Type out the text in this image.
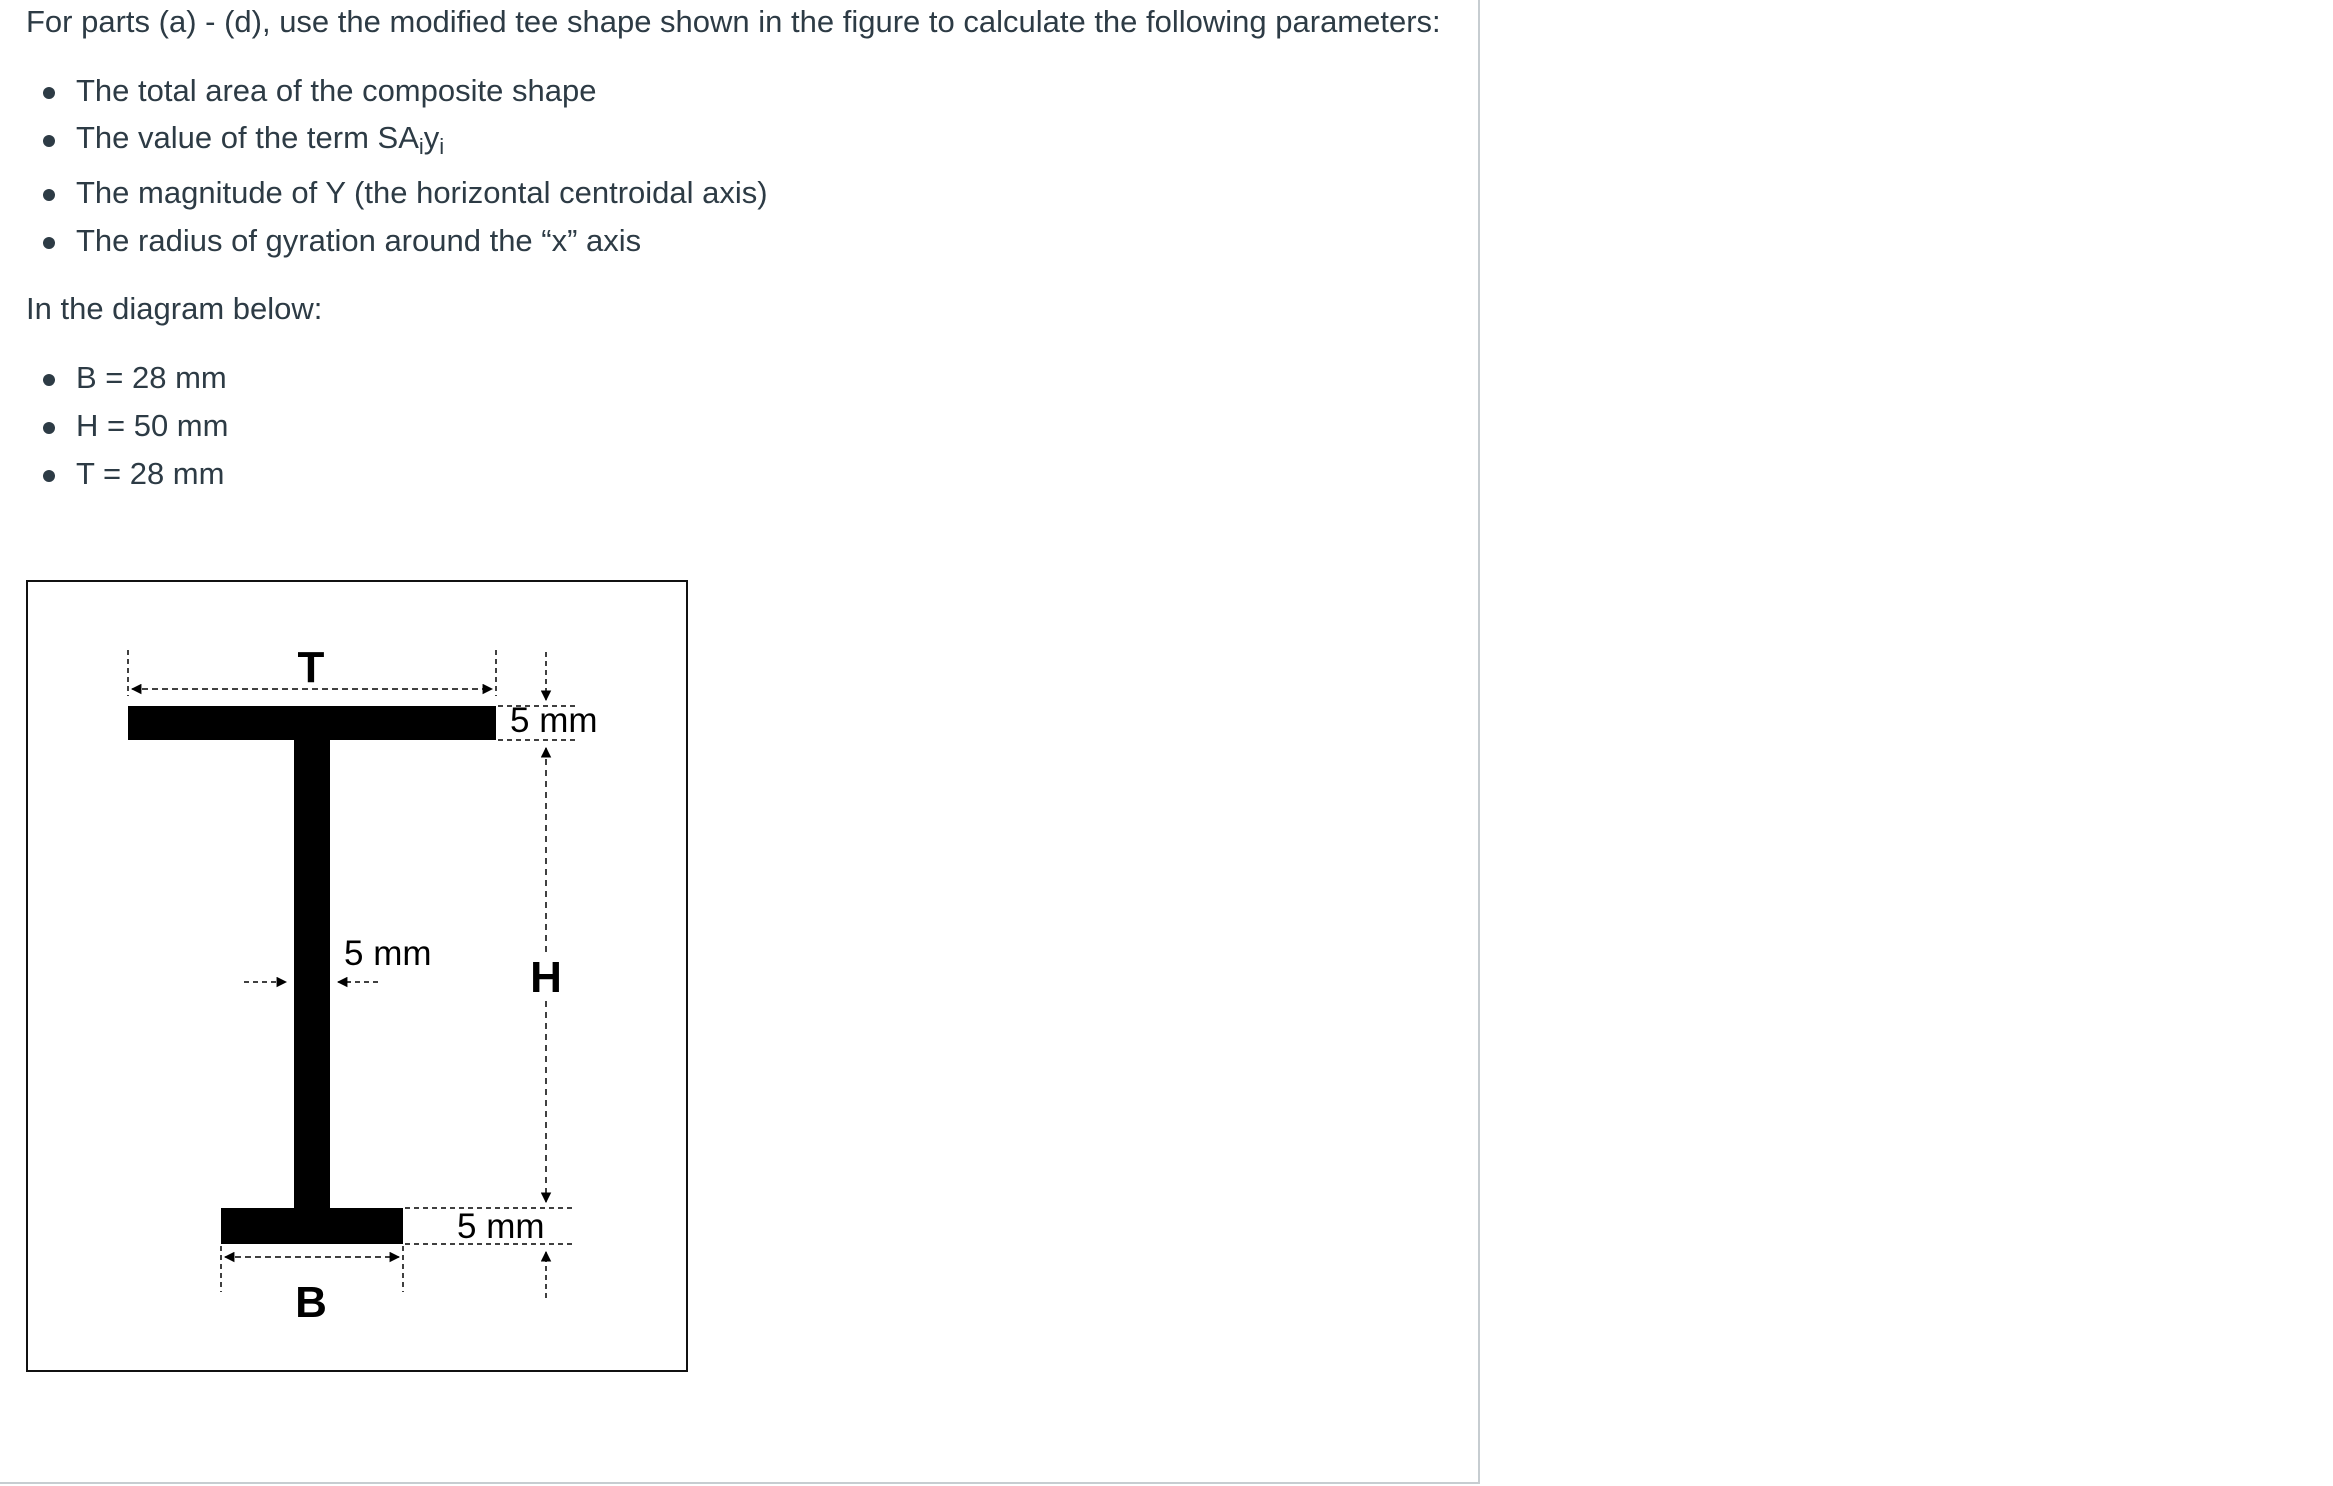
For parts (a) - (d), use the modified tee shape shown in the figure to calculate the following parameters:

The total area of the composite shape
The value of the term $SA_iy_i$
The magnitude of Y (the horizontal centroidal axis)
The radius of gyration around the “x” axis

In the diagram below:

B = 28 mm
H = 50 mm
T = 28 mm
T
5 mm
H
5 mm
5 mm
B
